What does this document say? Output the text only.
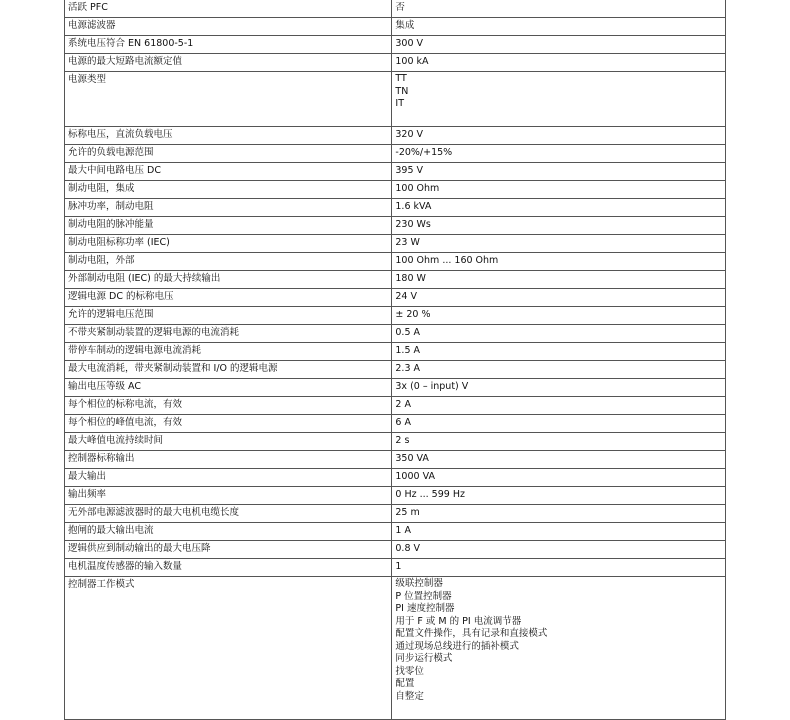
活跃 PFC	否
电源滤波器	集成
系统电压符合 EN 61800-5-1	300 V
电源的最大短路电流额定值	100 kA
电源类型	TT
TN
IT

标称电压，直流负载电压	320 V
允许的负载电源范围	-20%/+15%
最大中间电路电压 DC	395 V
制动电阻，集成	100 Ohm
脉冲功率，制动电阻	1.6 kVA
制动电阻的脉冲能量	230 Ws
制动电阻标称功率 (IEC)	23 W
制动电阻，外部	100 Ohm ... 160 Ohm
外部制动电阻 (IEC) 的最大持续输出	180 W
逻辑电源 DC 的标称电压	24 V
允许的逻辑电压范围	± 20 %
不带夹紧制动装置的逻辑电源的电流消耗	0.5 A
带停车制动的逻辑电源电流消耗	1.5 A
最大电流消耗，带夹紧制动装置和 I/O 的逻辑电源	2.3 A
输出电压等级 AC	3x (0 – input) V
每个相位的标称电流，有效	2 A
每个相位的峰值电流，有效	6 A
最大峰值电流持续时间	2 s
控制器标称输出	350 VA
最大输出	1000 VA
输出频率	0 Hz ... 599 Hz
无外部电源滤波器时的最大电机电缆长度	25 m
抱闸的最大输出电流	1 A
逻辑供应到制动输出的最大电压降	0.8 V
电机温度传感器的输入数量	1
控制器工作模式	级联控制器
P 位置控制器
PI 速度控制器
用于 F 或 M 的 PI 电流调节器
配置文件操作，具有记录和直接模式
通过现场总线进行的插补模式
同步运行模式
找零位
配置
自整定
